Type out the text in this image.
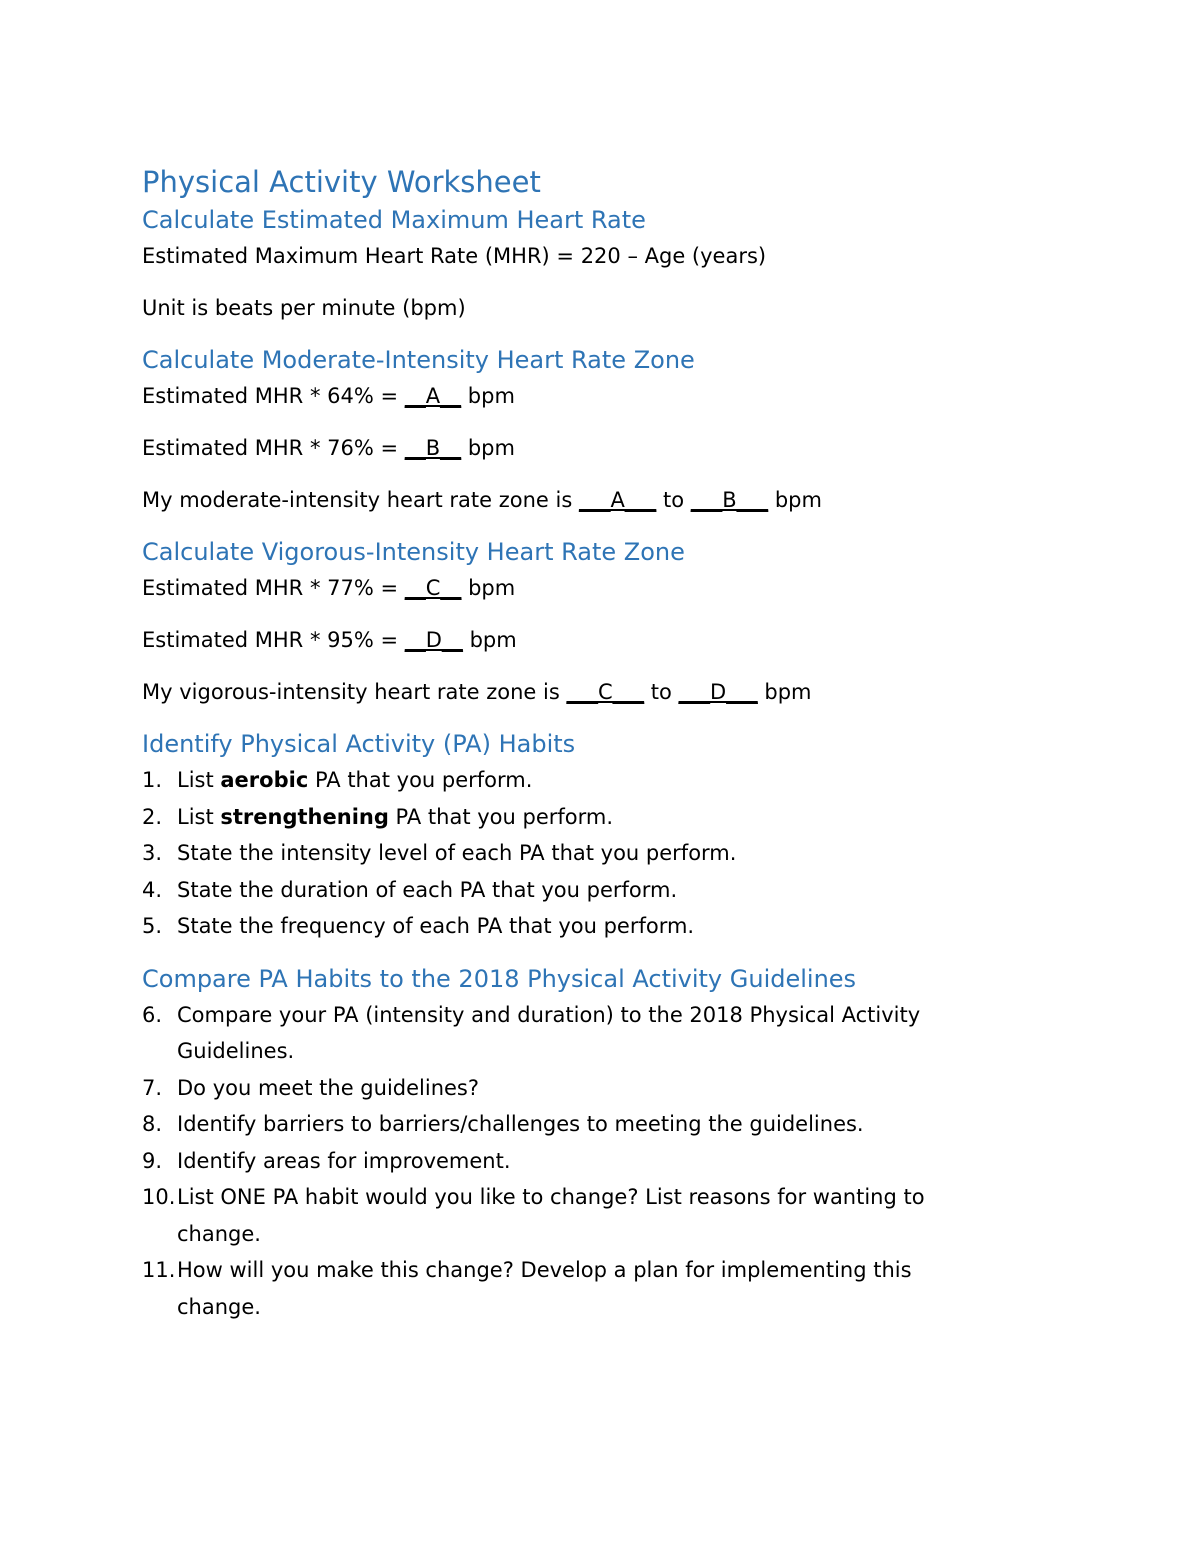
Physical Activity Worksheet
Calculate Estimated Maximum Heart Rate

Estimated Maximum Heart Rate (MHR) = 220 – Age (years)

Unit is beats per minute (bpm)

Calculate Moderate-Intensity Heart Rate Zone

Estimated MHR * 64% = __A__ bpm

Estimated MHR * 76% = __B__ bpm

My moderate-intensity heart rate zone is ___A___ to ___B___ bpm

Calculate Vigorous-Intensity Heart Rate Zone

Estimated MHR * 77% = __C__ bpm

Estimated MHR * 95% = __D__ bpm

My vigorous-intensity heart rate zone is ___C___ to ___D___ bpm

Identify Physical Activity (PA) Habits
1. List aerobic PA that you perform.
2. List strengthening PA that you perform.
3. State the intensity level of each PA that you perform.
4. State the duration of each PA that you perform.
5. State the frequency of each PA that you perform.
Compare PA Habits to the 2018 Physical Activity Guidelines
6. Compare your PA (intensity and duration) to the 2018 Physical Activity
Guidelines.
7. Do you meet the guidelines?
8. Identify barriers to barriers/challenges to meeting the guidelines.
9. Identify areas for improvement.
10. List ONE PA habit would you like to change? List reasons for wanting to
change.
11. How will you make this change? Develop a plan for implementing this
change.
